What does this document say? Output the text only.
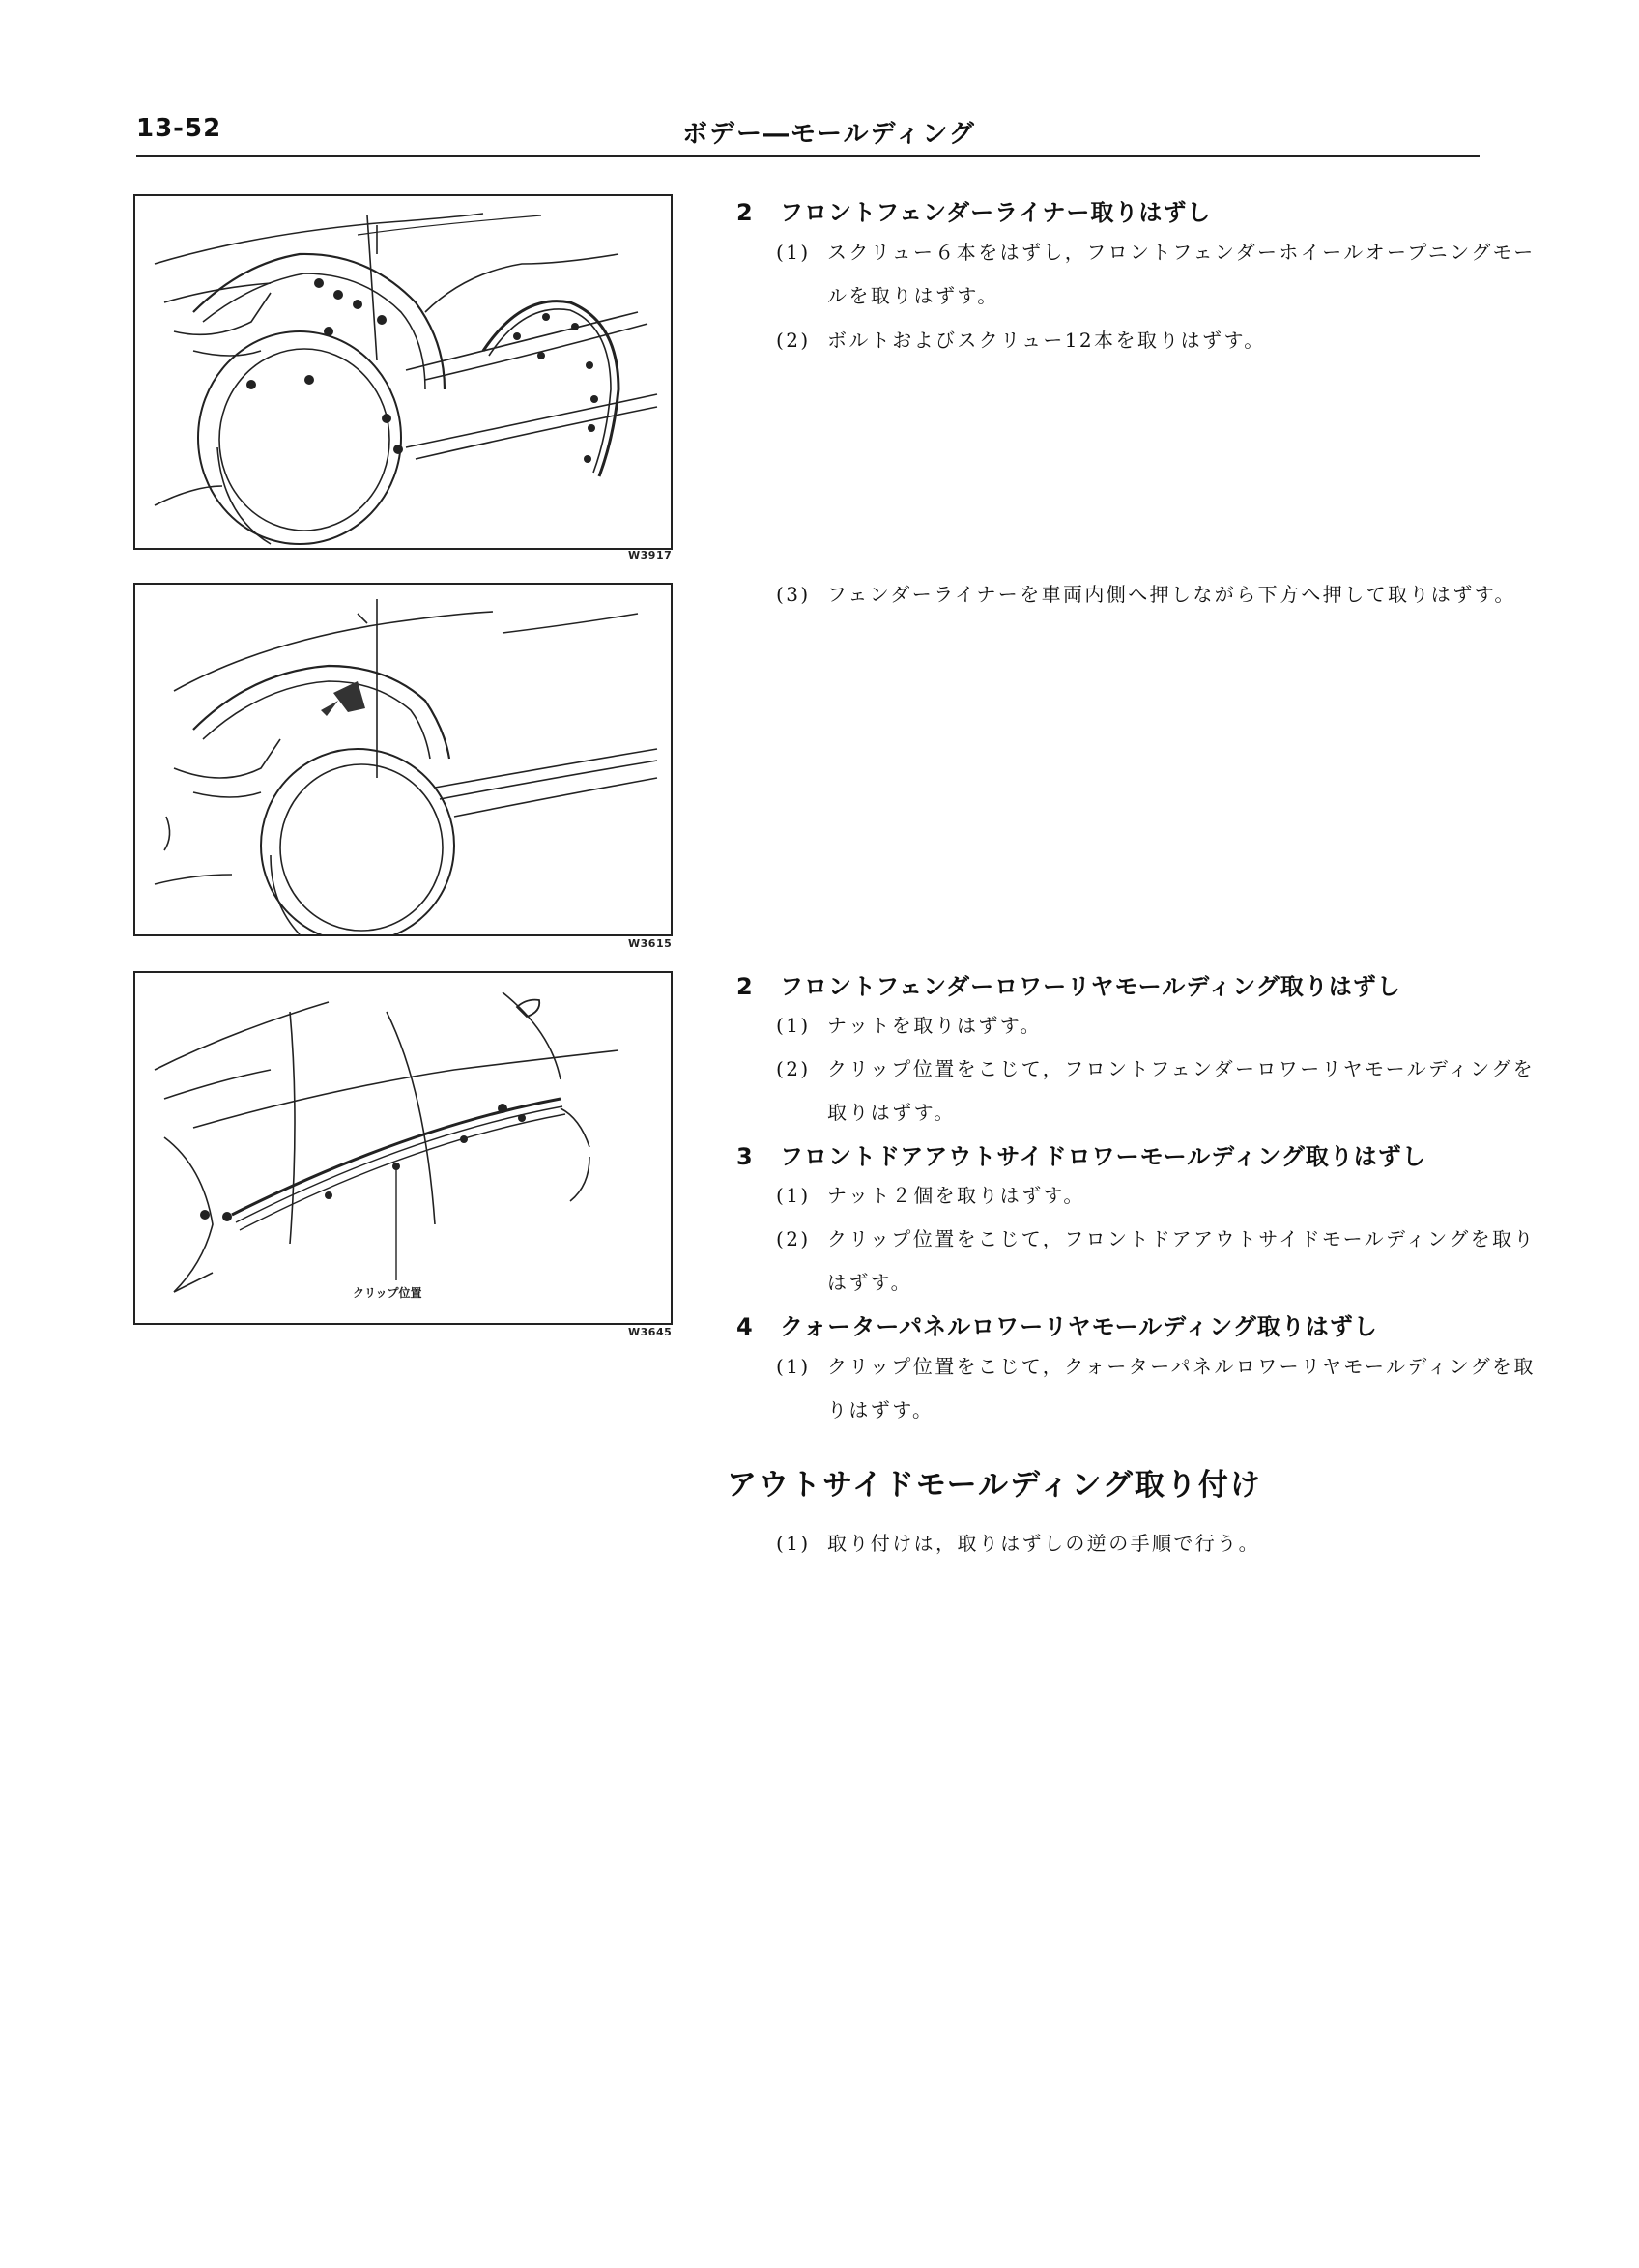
13-52	ボデー―モールディング
W3917
W3615
クリップ位置
W3645
2 フロントフェンダーライナー取りはずし
(1) スクリュー６本をはずし，フロントフェンダーホイールオープニングモールを取りはずす。
(2) ボルトおよびスクリュー12本を取りはずす。
(3) フェンダーライナーを車両内側へ押しながら下方へ押して取りはずす。
2 フロントフェンダーロワーリヤモールディング取りはずし
(1) ナットを取りはずす。
(2) クリップ位置をこじて，フロントフェンダーロワーリヤモールディングを取りはずす。
3 フロントドアアウトサイドロワーモールディング取りはずし
(1) ナット２個を取りはずす。
(2) クリップ位置をこじて，フロントドアアウトサイドモールディングを取りはずす。
4 クォーターパネルロワーリヤモールディング取りはずし
(1) クリップ位置をこじて，クォーターパネルロワーリヤモールディングを取りはずす。
アウトサイドモールディング取り付け
(1) 取り付けは，取りはずしの逆の手順で行う。
